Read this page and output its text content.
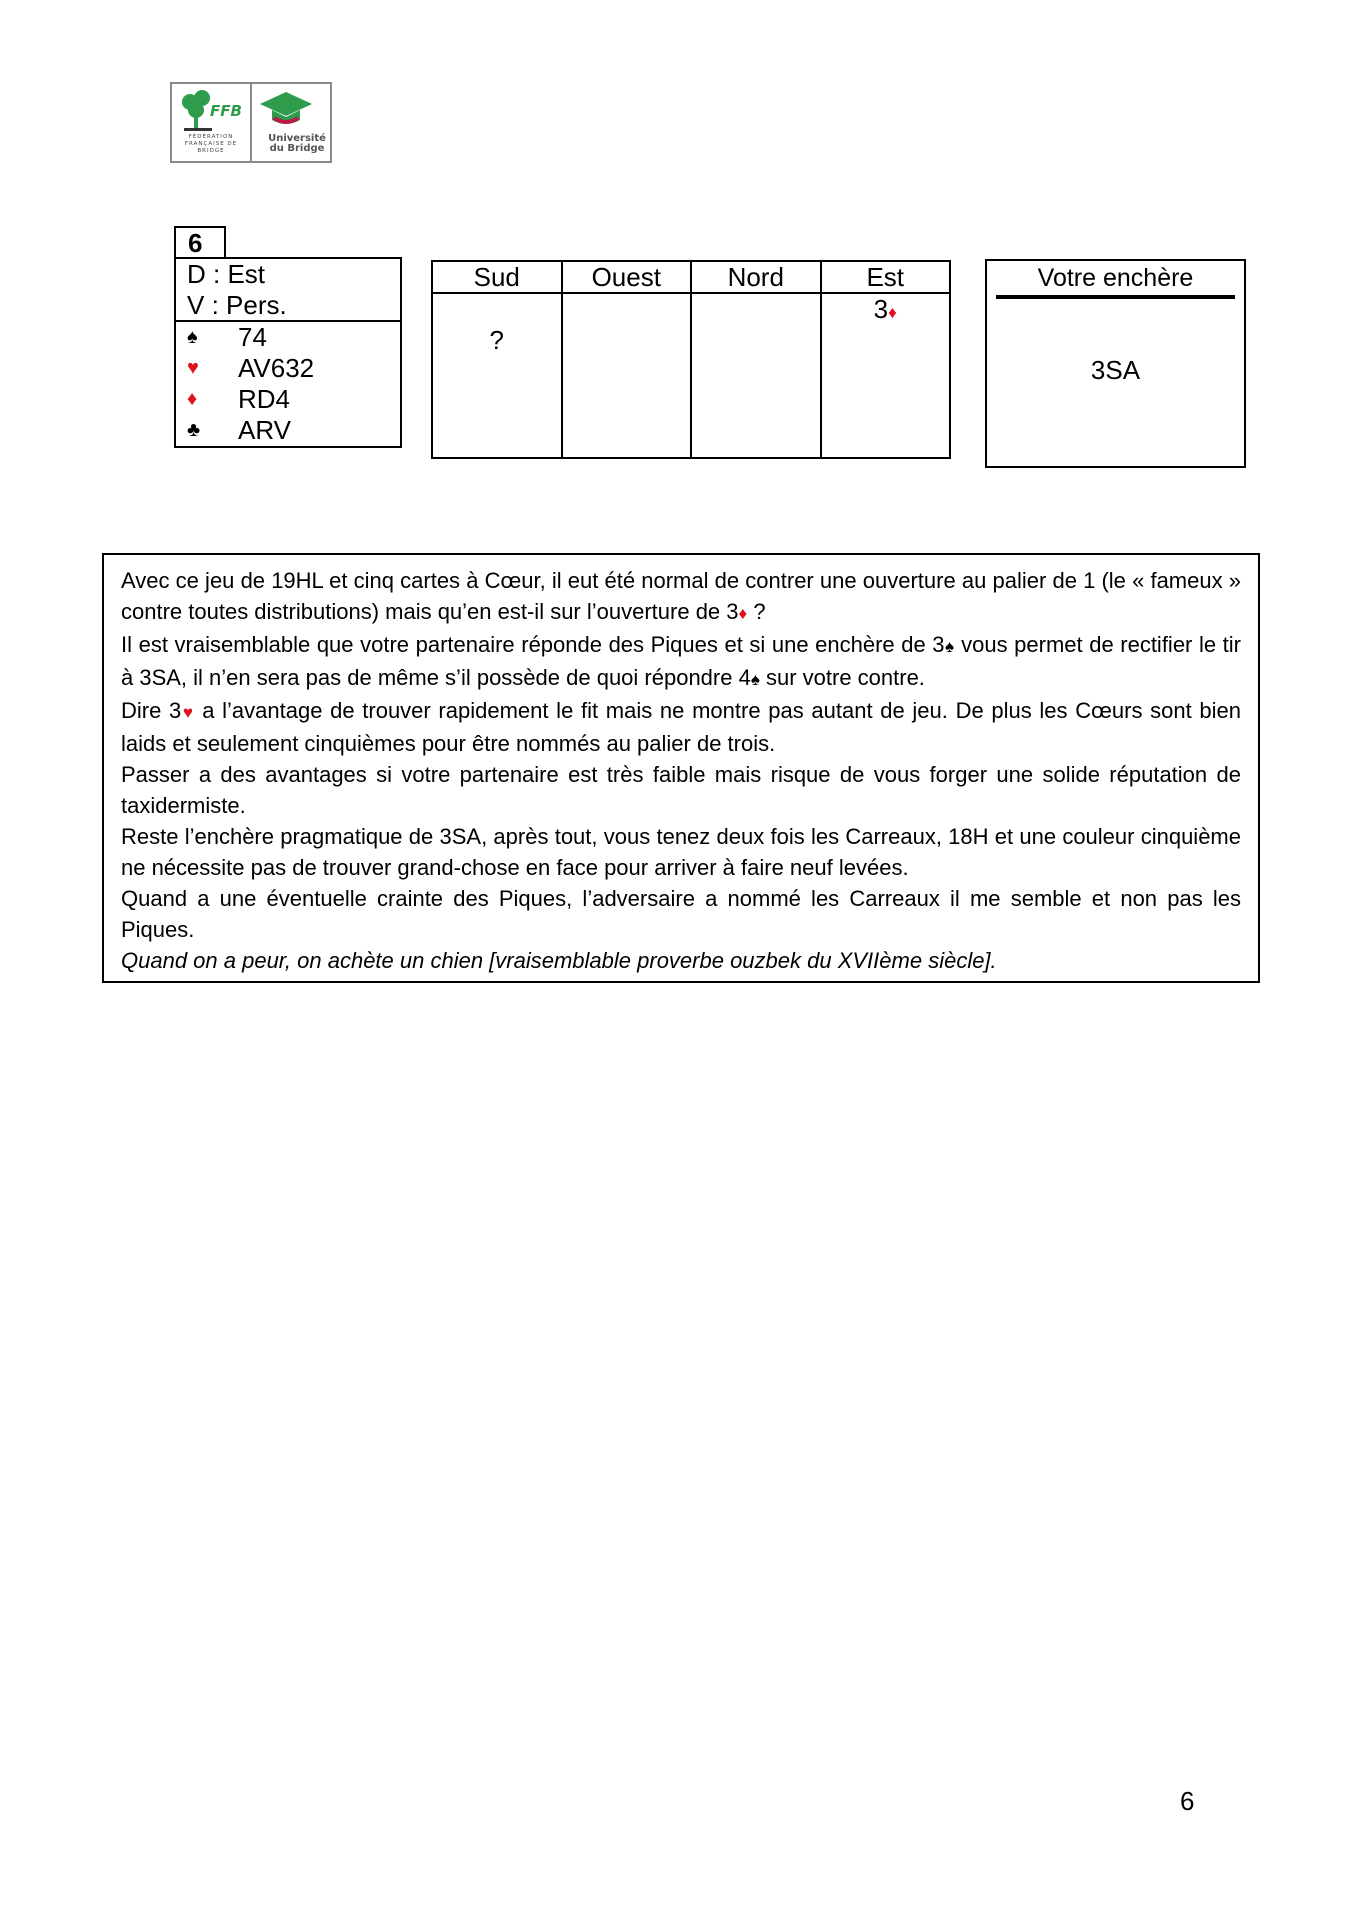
FFB
FÉDÉRATION FRANÇAISE DE BRIDGE
Université du Bridge
6
D : Est
V : Pers.
♠	74
♥	AV632
♦	RD4
♣	ARV
Sud	Ouest	Nord	Est

?			3♦
Votre enchère
3SA

Avec ce jeu de 19HL et cinq cartes à Cœur, il eut été normal de contrer une ouverture au palier de 1 (le « fameux » contre toutes distributions) mais qu’en est-il sur l’ouverture de 3♦ ?

Il est vraisemblable que votre partenaire réponde des Piques et si une enchère de 3♠ vous permet de rectifier le tir à 3SA, il n’en sera pas de même s’il possède de quoi répondre 4♠ sur votre contre.

Dire 3♥ a l’avantage de trouver rapidement le fit mais ne montre pas autant de jeu. De plus les Cœurs sont bien laids et seulement cinquièmes pour être nommés au palier de trois.

Passer a des avantages si votre partenaire est très faible mais risque de vous forger une solide réputation de taxidermiste.

Reste l’enchère pragmatique de 3SA, après tout, vous tenez deux fois les Carreaux, 18H et une couleur cinquième ne nécessite pas de trouver grand-chose en face pour arriver à faire neuf levées.

Quand a une éventuelle crainte des Piques, l’adversaire a nommé les Carreaux il me semble et non pas les Piques.

Quand on a peur, on achète un chien [vraisemblable proverbe ouzbek du XVIIème siècle].

6
